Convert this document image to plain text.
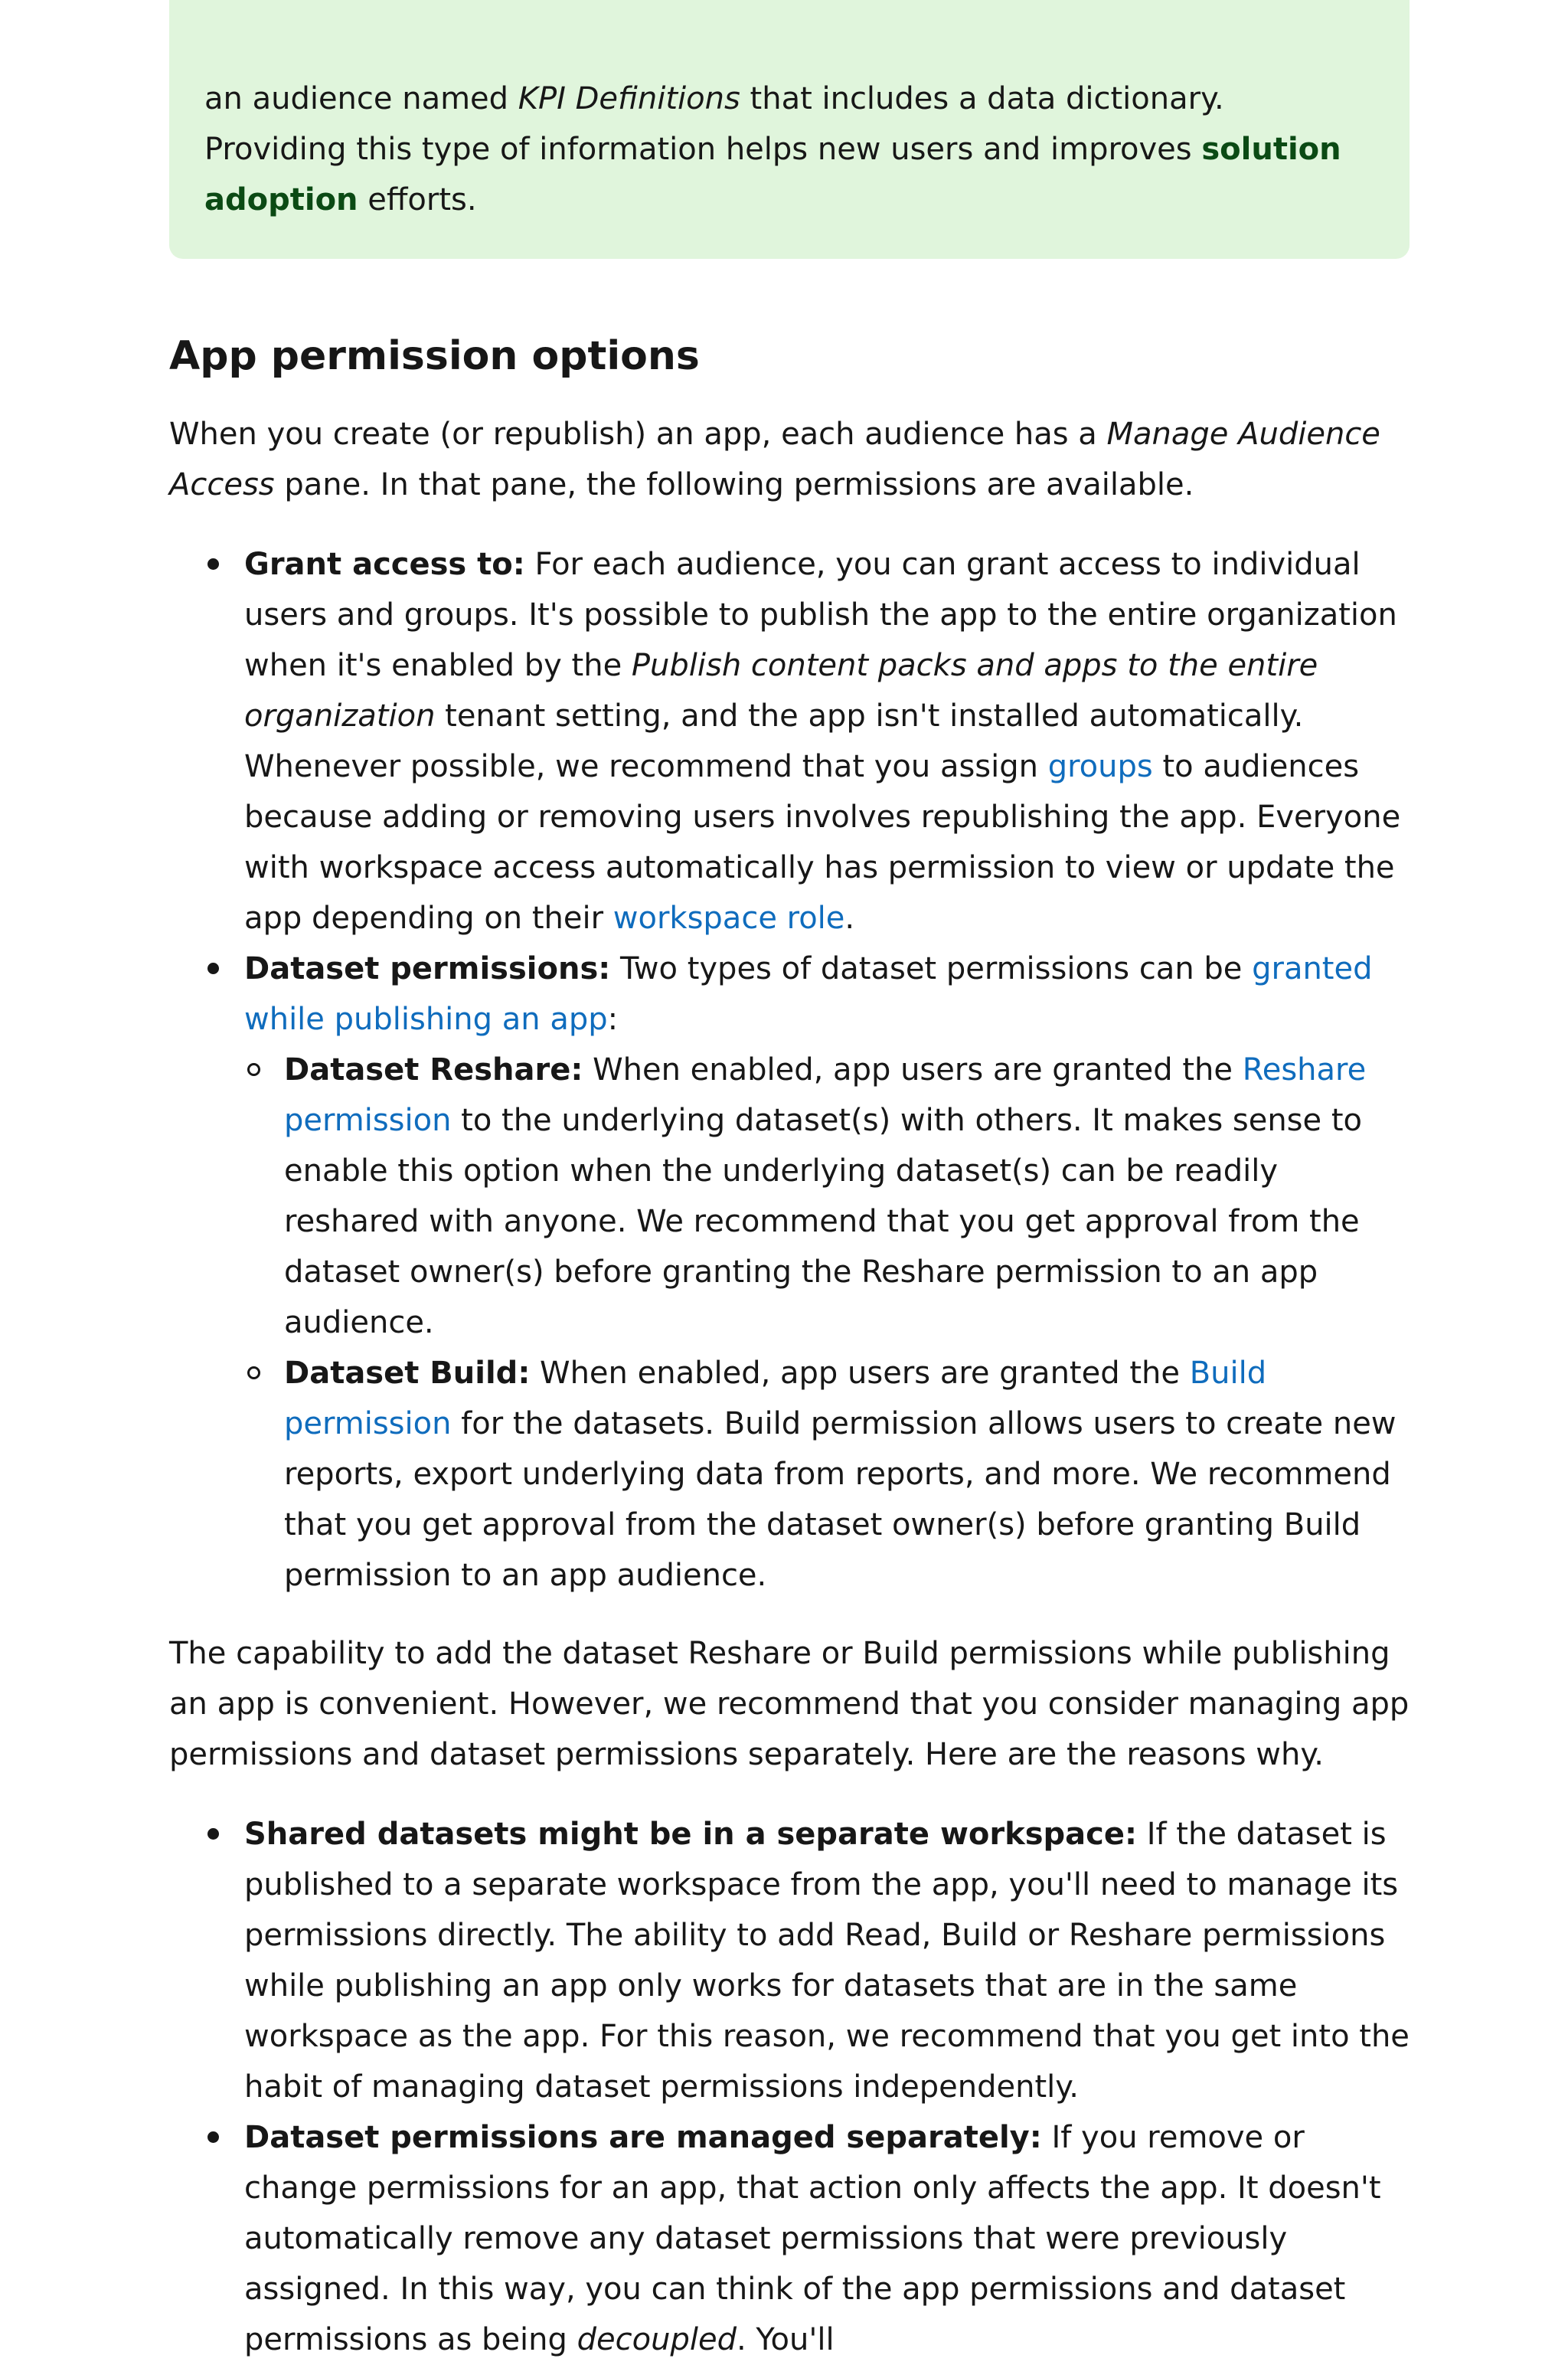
an audience named KPI Definitions that includes a data dictionary. Providing this type of information helps new users and improves solution adoption efforts.
App permission options

When you create (or republish) an app, each audience has a Manage Audience Access pane. In that pane, the following permissions are available.

Grant access to: For each audience, you can grant access to individual users and groups. It's possible to publish the app to the entire organization when it's enabled by the Publish content packs and apps to the entire organization tenant setting, and the app isn't installed automatically. Whenever possible, we recommend that you assign groups to audiences because adding or removing users involves republishing the app. Everyone with workspace access automatically has permission to view or update the app depending on their workspace role.
Dataset permissions: Two types of dataset permissions can be granted while publishing an app:
Dataset Reshare: When enabled, app users are granted the Reshare permission to the underlying dataset(s) with others. It makes sense to enable this option when the underlying dataset(s) can be readily reshared with anyone. We recommend that you get approval from the dataset owner(s) before granting the Reshare permission to an app audience.
Dataset Build: When enabled, app users are granted the Build permission for the datasets. Build permission allows users to create new reports, export underlying data from reports, and more. We recommend that you get approval from the dataset owner(s) before granting Build permission to an app audience.

The capability to add the dataset Reshare or Build permissions while publishing an app is convenient. However, we recommend that you consider managing app permissions and dataset permissions separately. Here are the reasons why.

Shared datasets might be in a separate workspace: If the dataset is published to a separate workspace from the app, you'll need to manage its permissions directly. The ability to add Read, Build or Reshare permissions while publishing an app only works for datasets that are in the same workspace as the app. For this reason, we recommend that you get into the habit of managing dataset permissions independently.
Dataset permissions are managed separately: If you remove or change permissions for an app, that action only affects the app. It doesn't automatically remove any dataset permissions that were previously assigned. In this way, you can think of the app permissions and dataset permissions as being decoupled. You'll
